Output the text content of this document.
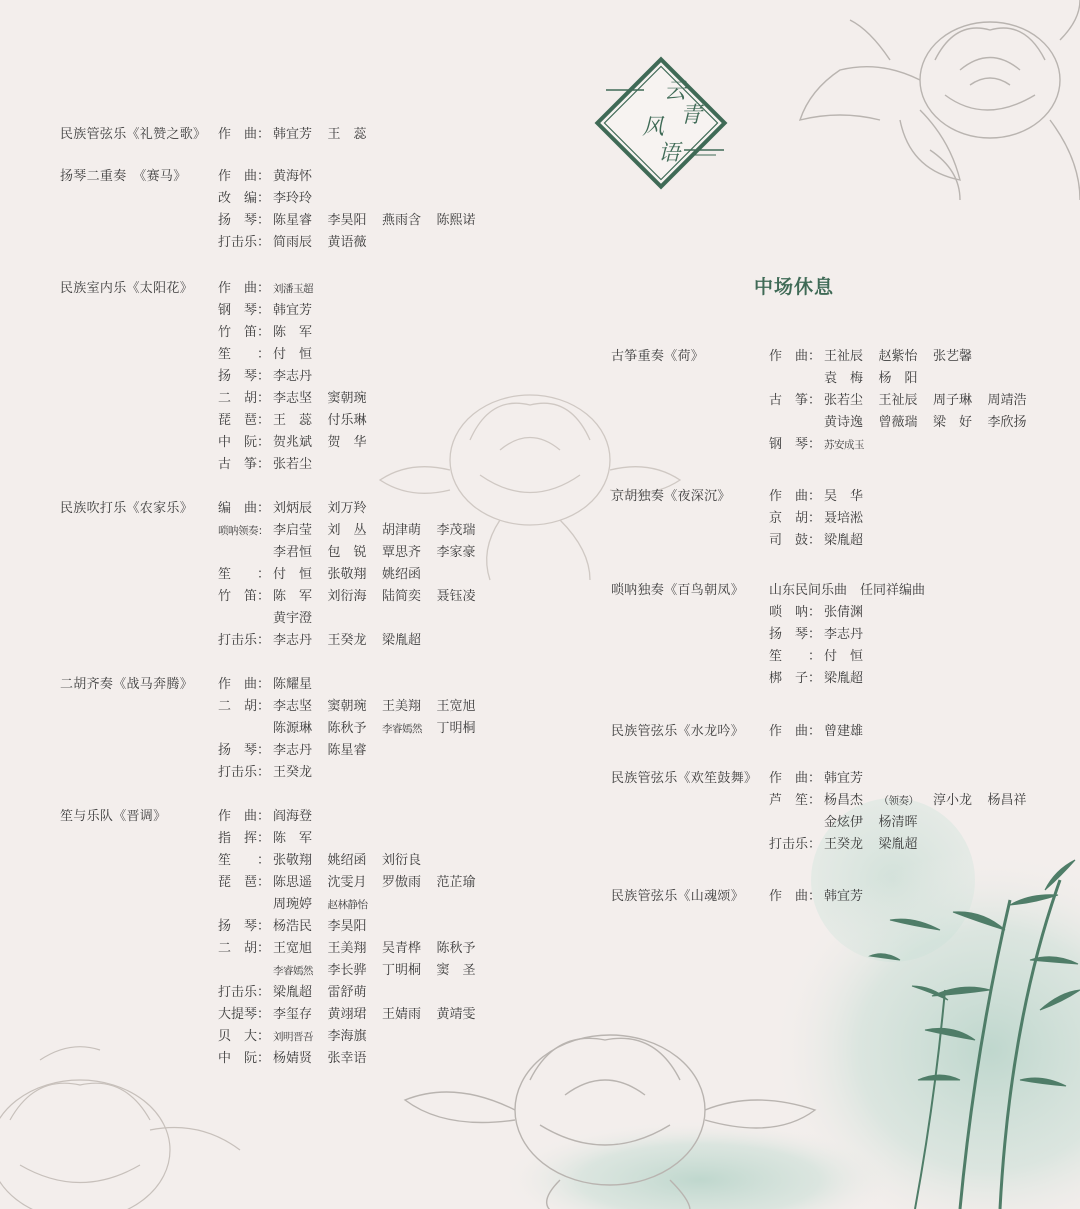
云
青
风
语
中场休息
民族管弦乐《礼赞之歌》 作　曲： 韩宜芳	王　蕊
扬琴二重奏　《赛马》 作　曲： 黄海怀
改　编： 李玲玲
扬　琴： 陈星睿	李昊阳	燕雨含	陈熙诺
打击乐： 简雨辰	黄语薇
民族室内乐《太阳花》 作　曲： 刘潘玉超
钢　琴： 韩宜芳
竹　笛： 陈　军
笙　　： 付　恒
扬　琴： 李志丹
二　胡： 李志坚	窦朝琬
琵　琶： 王　蕊	付乐琳
中　阮： 贺兆斌	贺　华
古　筝： 张若尘
民族吹打乐《农家乐》 编　曲： 刘炳辰	刘万羚
唢呐领奏： 李启莹	刘　丛	胡津萌	李茂瑞
李君恒	包　锐	覃思齐	李家豪
笙　　： 付　恒	张敬翔	姚绍函
竹　笛： 陈　军	刘衍海	陆简奕	聂钰凌
黄宇澄
打击乐： 李志丹	王癸龙	梁胤超
二胡齐奏《战马奔腾》 作　曲： 陈耀星
二　胡： 李志坚	窦朝琬	王美翔	王宽旭
陈源琳	陈秋予	李睿嫣然	丁明桐
扬　琴： 李志丹	陈星睿
打击乐： 王癸龙
笙与乐队《晋调》	作　曲： 阎海登
指　挥： 陈　军
笙　　： 张敬翔	姚绍函	刘衍良
琵　琶： 陈思遥	沈雯月	罗傲雨	范芷瑜
周琬婷	赵林静怡
扬　琴： 杨浩民	李昊阳
二　胡： 王宽旭	王美翔	吴青桦	陈秋予
李睿嫣然	李长骅	丁明桐	窦　圣
打击乐： 梁胤超	雷舒萌
大提琴： 李玺存	黄翊珺	王婧雨	黄靖雯
贝　大： 刘明晋吾	李海旗
中　阮： 杨婧贤	张幸语
古筝重奏《荷》	作　曲： 王祉辰	赵紫怡	张艺馨
袁　梅	杨　阳
古　筝： 张若尘	王祉辰	周子琳	周靖浩
黄诗逸	曾薇瑞	梁　好	李欣扬
钢　琴： 苏安成玉
京胡独奏《夜深沉》	作　曲： 吴　华
京　胡： 聂培淞
司　鼓： 梁胤超
唢呐独奏《百鸟朝凤》 山东民间乐曲　任同祥编曲
唢　呐： 张倩渊
扬　琴： 李志丹
笙　　： 付　恒
梆　子： 梁胤超
民族管弦乐《水龙吟》 作　曲： 曾建雄
民族管弦乐《欢笙鼓舞》 作　曲： 韩宜芳
芦　笙： 杨昌杰	（领奏）	淳小龙	杨昌祥
金炫伊	杨清晖
打击乐： 王癸龙	梁胤超
民族管弦乐《山魂颂》 作　曲： 韩宜芳
